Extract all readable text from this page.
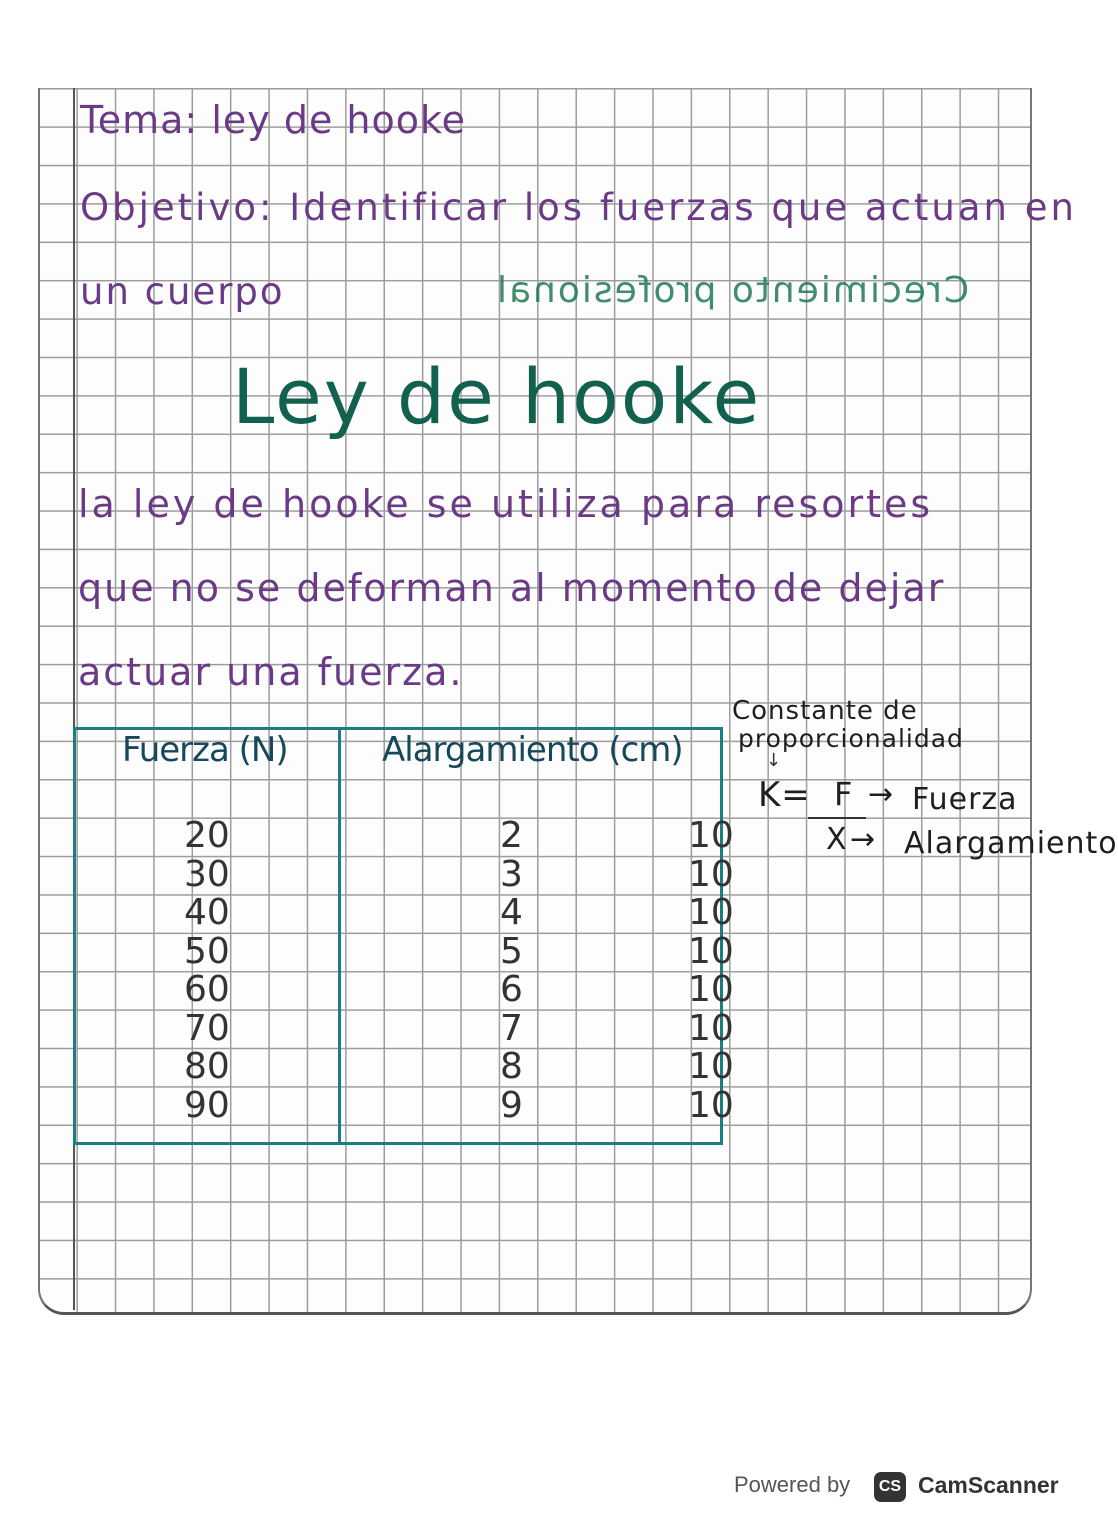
Tema: ley de hooke
Objetivo: Identificar los fuerzas que actuan en
un cuerpo	Crecimiento profesional
Ley de hooke
la ley de hooke se utiliza para resortes
que no se deforman al momento de dejar
actuar una fuerza.
Fuerza (N)	Alargamiento (cm)
20	2	10
30	3	10
40	4	10
50	5	10
60	6	10
70	7	10
80	8	10
90	9	10
Constante de
proporcionalidad
↓
K= F → Fuerza
X → Alargamiento
Powered by	CS CamScanner
